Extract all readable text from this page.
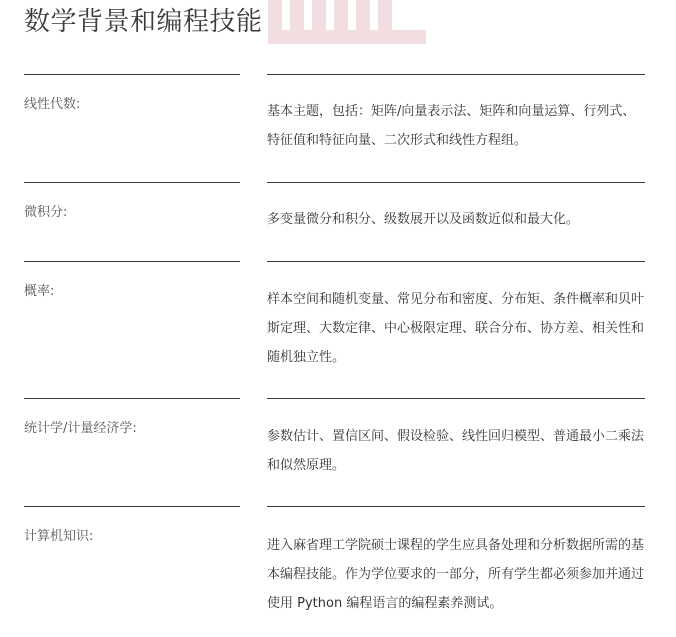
数学背景和编程技能
线性代数:	基本主题，包括：矩阵/向量表示法、矩阵和向量运算、行列式、特征值和特征向量、二次形式和线性方程组。

微积分:	多变量微分和积分、级数展开以及函数近似和最大化。

概率:

样本空间和随机变量、常见分布和密度、分布矩、条件概率和贝叶斯定理、大数定律、中心极限定理、联合分布、协方差、相关性和随机独立性。

统计学/计量经济学:

参数估计、置信区间、假设检验、线性回归模型、普通最小二乘法和似然原理。

计算机知识:

进入麻省理工学院硕士课程的学生应具备处理和分析数据所需的基本编程技能。作为学位要求的一部分，所有学生都必须参加并通过使用 Python 编程语言的编程素养测试。
